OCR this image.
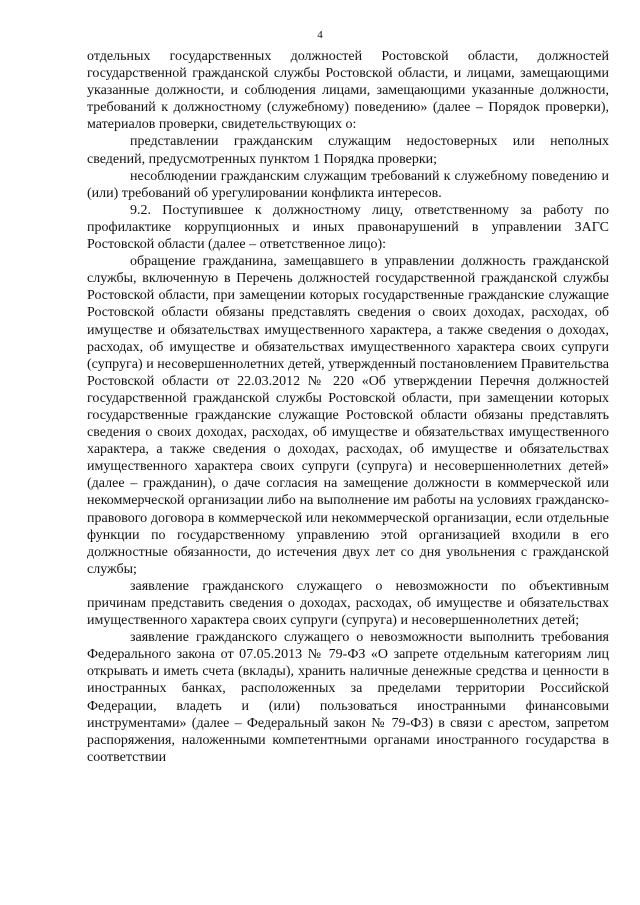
4

отдельных государственных должностей Ростовской области, должностей государственной гражданской службы Ростовской области, и лицами, замещающими указанные должности, и соблюдения лицами, замещающими указанные должности, требований к должностному (служебному) поведению» (далее – Порядок проверки), материалов проверки, свидетельствующих о:

представлении гражданским служащим недостоверных или неполных сведений, предусмотренных пунктом 1 Порядка проверки;

несоблюдении гражданским служащим требований к служебному поведению и (или) требований об урегулировании конфликта интересов.

9.2. Поступившее к должностному лицу, ответственному за работу по профилактике коррупционных и иных правонарушений в управлении ЗАГС Ростовской области (далее – ответственное лицо):

обращение гражданина, замещавшего в управлении должность гражданской службы, включенную в Перечень должностей государственной гражданской службы Ростовской области, при замещении которых государственные гражданские служащие Ростовской области обязаны представлять сведения о своих доходах, расходах, об имуществе и обязательствах имущественного характера, а также сведения о доходах, расходах, об имуществе и обязательствах имущественного характера своих супруги (супруга) и несовершеннолетних детей, утвержденный постановлением Правительства Ростовской области от 22.03.2012 № 220 «Об утверждении Перечня должностей государственной гражданской службы Ростовской области, при замещении которых государственные гражданские служащие Ростовской области обязаны представлять сведения о своих доходах, расходах, об имуществе и обязательствах имущественного характера, а также сведения о доходах, расходах, об имуществе и обязательствах имущественного характера своих супруги (супруга) и несовершеннолетних детей» (далее – гражданин), о даче согласия на замещение должности в коммерческой или некоммерческой организации либо на выполнение им работы на условиях гражданско-правового договора в коммерческой или некоммерческой организации, если отдельные функции по государственному управлению этой организацией входили в его должностные обязанности, до истечения двух лет со дня увольнения с гражданской службы;

заявление гражданского служащего о невозможности по объективным причинам представить сведения о доходах, расходах, об имуществе и обязательствах имущественного характера своих супруги (супруга) и несовершеннолетних детей;

заявление гражданского служащего о невозможности выполнить требования Федерального закона от 07.05.2013 № 79-ФЗ «О запрете отдельным категориям лиц открывать и иметь счета (вклады), хранить наличные денежные средства и ценности в иностранных банках, расположенных за пределами территории Российской Федерации, владеть и (или) пользоваться иностранными финансовыми инструментами» (далее – Федеральный закон № 79-ФЗ) в связи с арестом, запретом распоряжения, наложенными компетентными органами иностранного государства в соответствии
